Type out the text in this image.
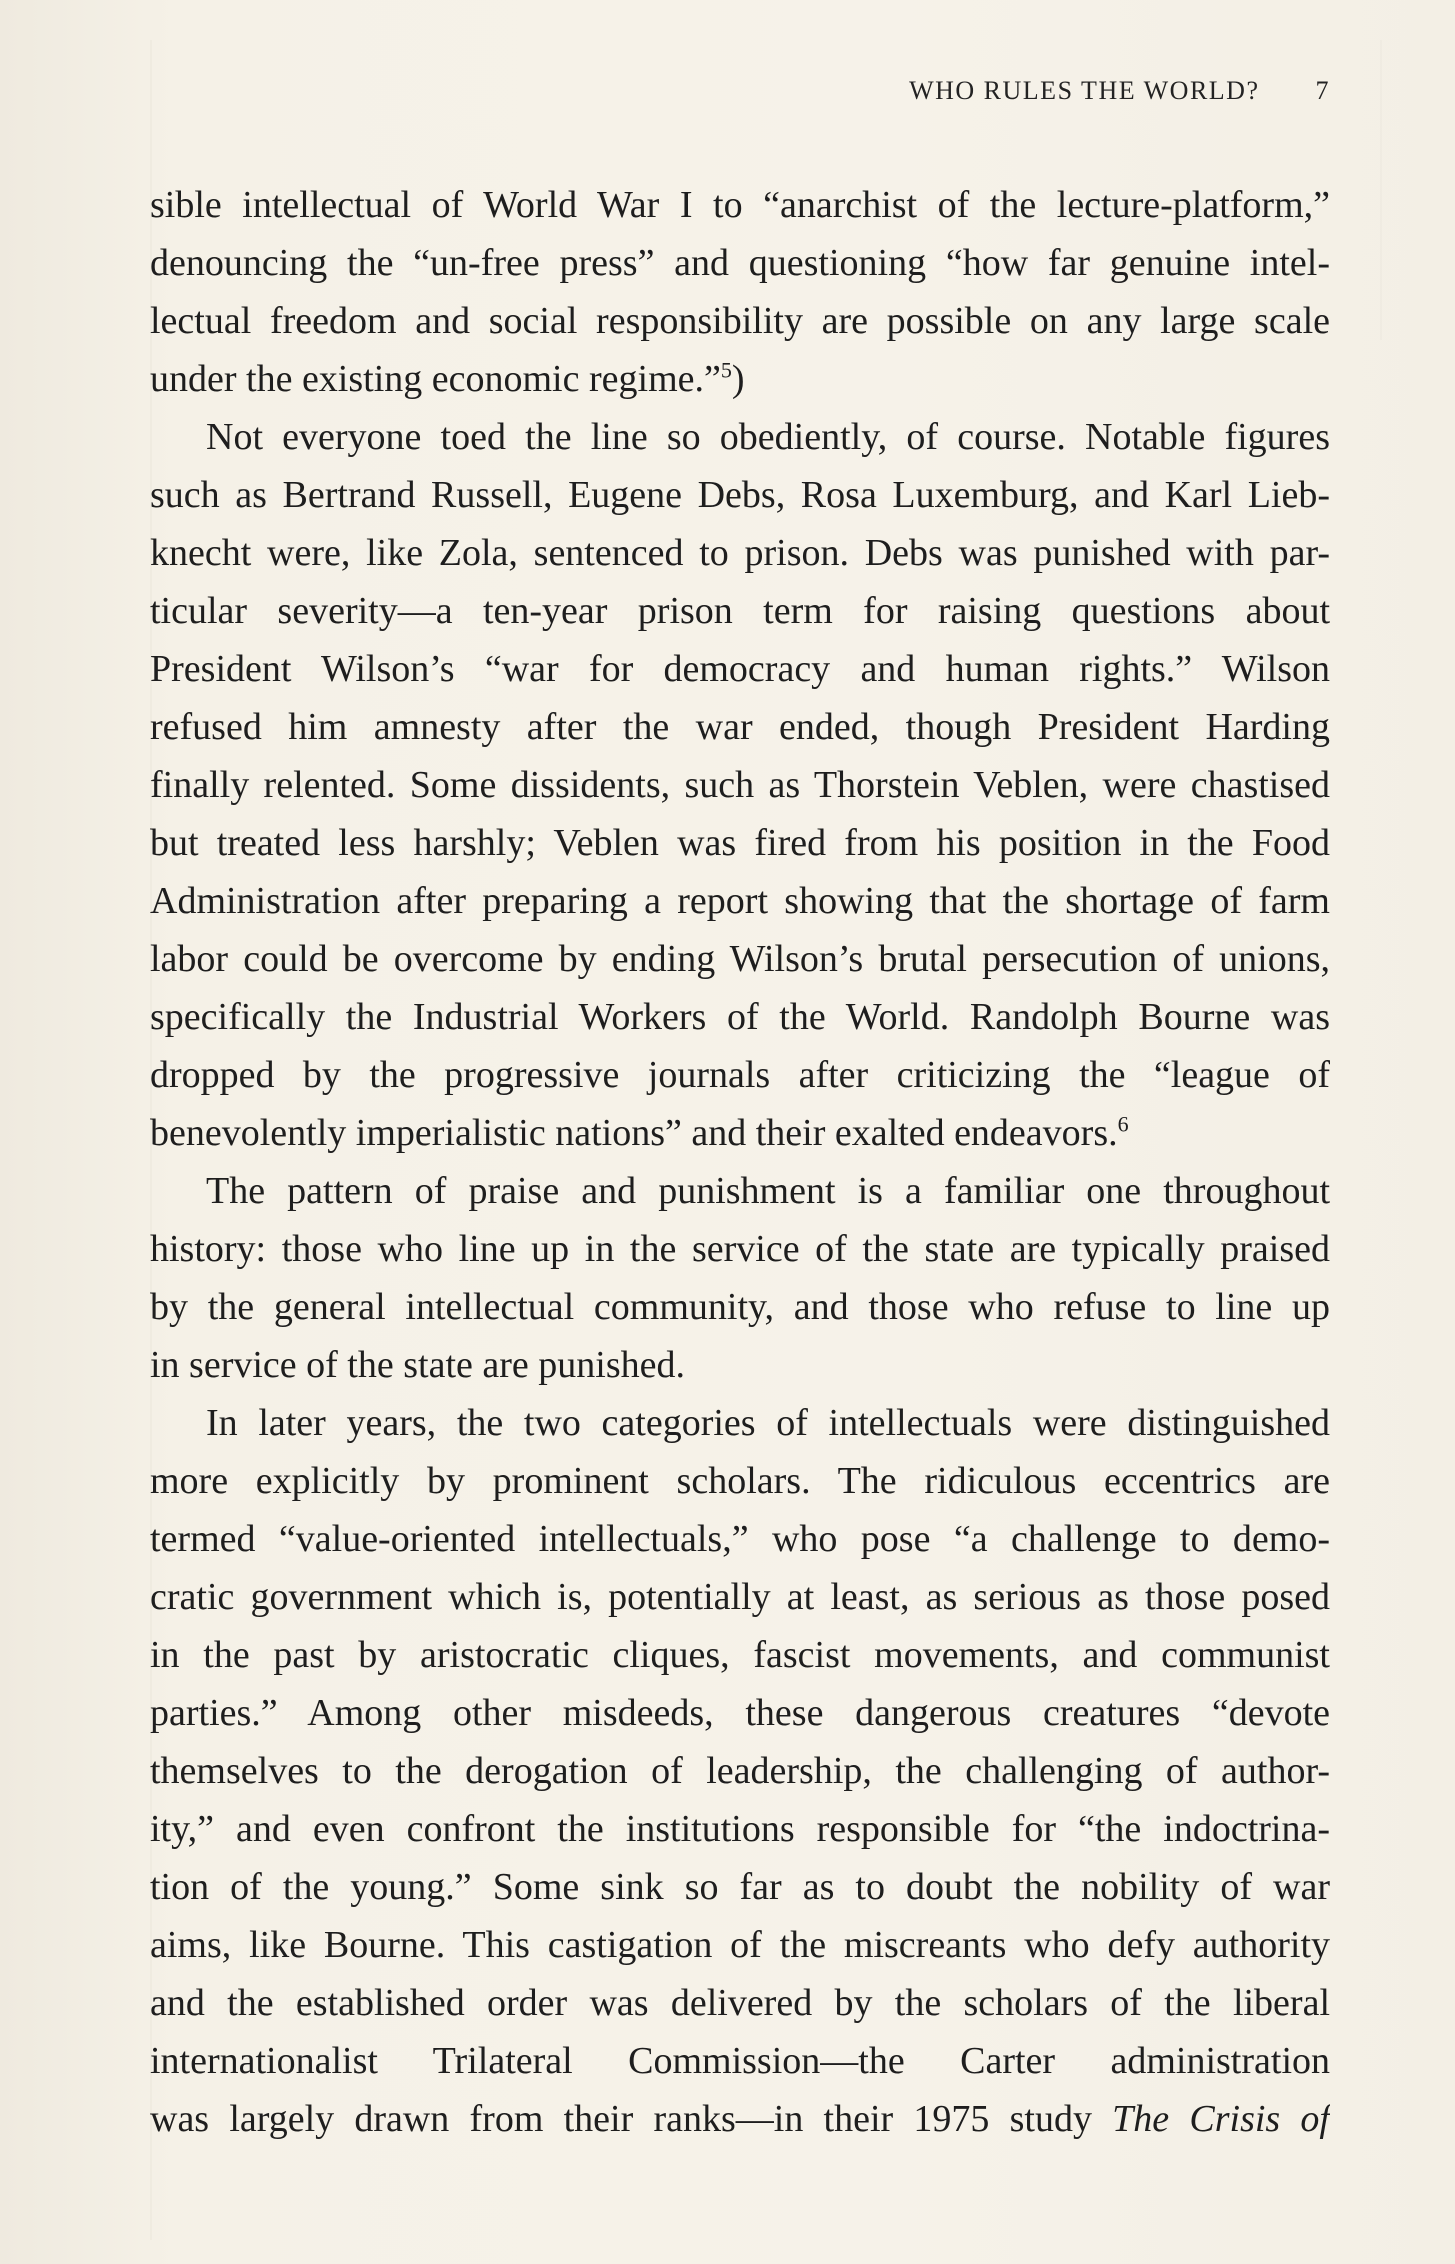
WHO RULES THE WORLD? 7
sible intellectual of World War I to “anarchist of the lecture-platform,”
denouncing the “un-free press” and questioning “how far genuine intel-
lectual freedom and social responsibility are possible on any large scale
under the existing economic regime.”$^5$)
Not everyone toed the line so obediently, of course. Notable figures
such as Bertrand Russell, Eugene Debs, Rosa Luxemburg, and Karl Lieb-
knecht were, like Zola, sentenced to prison. Debs was punished with par-
ticular severity—a ten-year prison term for raising questions about
President Wilson’s “war for democracy and human rights.” Wilson
refused him amnesty after the war ended, though President Harding
finally relented. Some dissidents, such as Thorstein Veblen, were chastised
but treated less harshly; Veblen was fired from his position in the Food
Administration after preparing a report showing that the shortage of farm
labor could be overcome by ending Wilson’s brutal persecution of unions,
specifically the Industrial Workers of the World. Randolph Bourne was
dropped by the progressive journals after criticizing the “league of
benevolently imperialistic nations” and their exalted endeavors.$^6$
The pattern of praise and punishment is a familiar one throughout
history: those who line up in the service of the state are typically praised
by the general intellectual community, and those who refuse to line up
in service of the state are punished.
In later years, the two categories of intellectuals were distinguished
more explicitly by prominent scholars. The ridiculous eccentrics are
termed “value-oriented intellectuals,” who pose “a challenge to demo-
cratic government which is, potentially at least, as serious as those posed
in the past by aristocratic cliques, fascist movements, and communist
parties.” Among other misdeeds, these dangerous creatures “devote
themselves to the derogation of leadership, the challenging of author-
ity,” and even confront the institutions responsible for “the indoctrina-
tion of the young.” Some sink so far as to doubt the nobility of war
aims, like Bourne. This castigation of the miscreants who defy authority
and the established order was delivered by the scholars of the liberal
internationalist Trilateral Commission—the Carter administration
was largely drawn from their ranks—in their 1975 study The Crisis of
